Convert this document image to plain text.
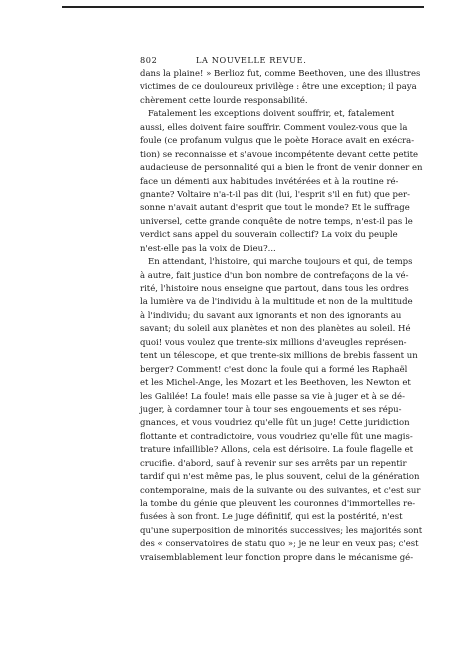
802	LA NOUVELLE REVUE.
dans la plaine! » Berlioz fut, comme Beethoven, une des illustres
victimes de ce douloureux privilège : être une exception; il paya
chèrement cette lourde responsabilité.
Fatalement les exceptions doivent souffrir, et, fatalement
aussi, elles doivent faire souffrir. Comment voulez-vous que la
foule (ce profanum vulgus que le poète Horace avait en exécra-
tion) se reconnaisse et s'avoue incompétente devant cette petite
audacieuse de personnalité qui a bien le front de venir donner en
face un démenti aux habitudes invétérées et à la routine ré-
gnante? Voltaire n'a-t-il pas dit (lui, l'esprit s'il en fut) que per-
sonne n'avait autant d'esprit que tout le monde? Et le suffrage
universel, cette grande conquête de notre temps, n'est-il pas le
verdict sans appel du souverain collectif? La voix du peuple
n'est-elle pas la voix de Dieu?...
En attendant, l'histoire, qui marche toujours et qui, de temps
à autre, fait justice d'un bon nombre de contrefaçons de la vé-
rité, l'histoire nous enseigne que partout, dans tous les ordres
la lumière va de l'individu à la multitude et non de la multitude
à l'individu; du savant aux ignorants et non des ignorants au
savant; du soleil aux planètes et non des planètes au soleil. Hé
quoi! vous voulez que trente-six millions d'aveugles représen-
tent un télescope, et que trente-six millions de brebis fassent un
berger? Comment! c'est donc la foule qui a formé les Raphaël
et les Michel-Ange, les Mozart et les Beethoven, les Newton et
les Galilée! La foule! mais elle passe sa vie à juger et à se dé-
juger, à cordamner tour à tour ses engouements et ses répu-
gnances, et vous voudriez qu'elle fût un juge! Cette juridiction
flottante et contradictoire, vous voudriez qu'elle fût une magis-
trature infaillible? Allons, cela est dérisoire. La foule flagelle et
crucifie. d'abord, sauf à revenir sur ses arrêts par un repentir
tardif qui n'est même pas, le plus souvent, celui de la génération
contemporaine, mais de la suivante ou des suivantes, et c'est sur
la tombe du génie que pleuvent les couronnes d'immortelles re-
fusées à son front. Le juge définitif, qui est la postérité, n'est
qu'une superposition de minorités successives; les majorités sont
des « conservatoires de statu quo »; je ne leur en veux pas; c'est
vraisemblablement leur fonction propre dans le mécanisme gé-
